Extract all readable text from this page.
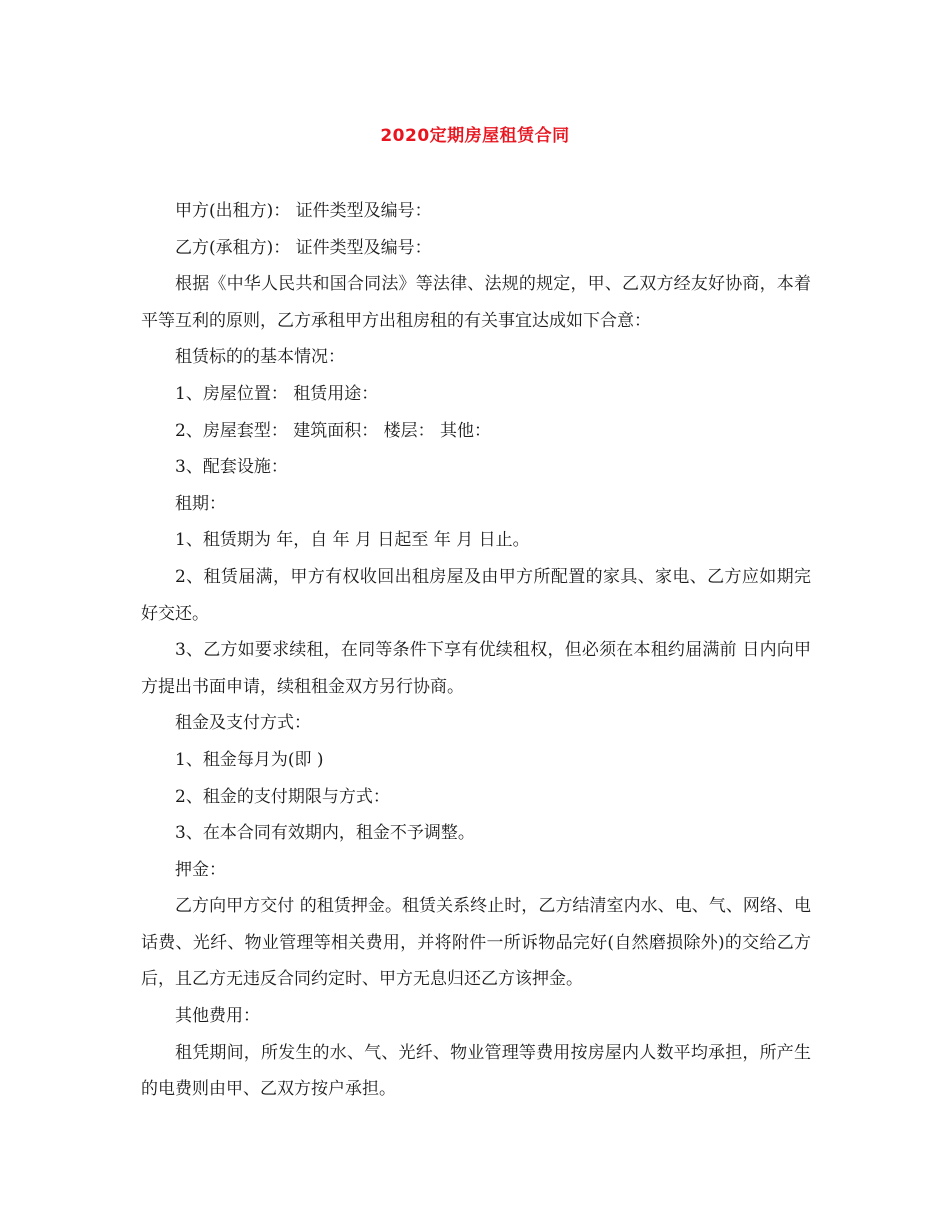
2020定期房屋租赁合同

甲方(出租方)： 证件类型及编号：

乙方(承租方)： 证件类型及编号：

根据《中华人民共和国合同法》等法律、法规的规定，甲、乙双方经友好协商，本着平等互利的原则，乙方承租甲方出租房租的有关事宜达成如下合意：

租赁标的的基本情况：

1、房屋位置： 租赁用途：

2、房屋套型： 建筑面积： 楼层： 其他：

3、配套设施：

租期：

1、租赁期为 年，自 年 月 日起至 年 月 日止。

2、租赁届满，甲方有权收回出租房屋及由甲方所配置的家具、家电、乙方应如期完好交还。

3、乙方如要求续租，在同等条件下享有优续租权，但必须在本租约届满前 日内向甲方提出书面申请，续租租金双方另行协商。

租金及支付方式：

1、租金每月为(即 )

2、租金的支付期限与方式：

3、在本合同有效期内，租金不予调整。

押金：

乙方向甲方交付 的租赁押金。租赁关系终止时，乙方结清室内水、电、气、网络、电话费、光纤、物业管理等相关费用，并将附件一所诉物品完好(自然磨损除外)的交给乙方后，且乙方无违反合同约定时、甲方无息归还乙方该押金。

其他费用：

租凭期间，所发生的水、气、光纤、物业管理等费用按房屋内人数平均承担，所产生的电费则由甲、乙双方按户承担。
